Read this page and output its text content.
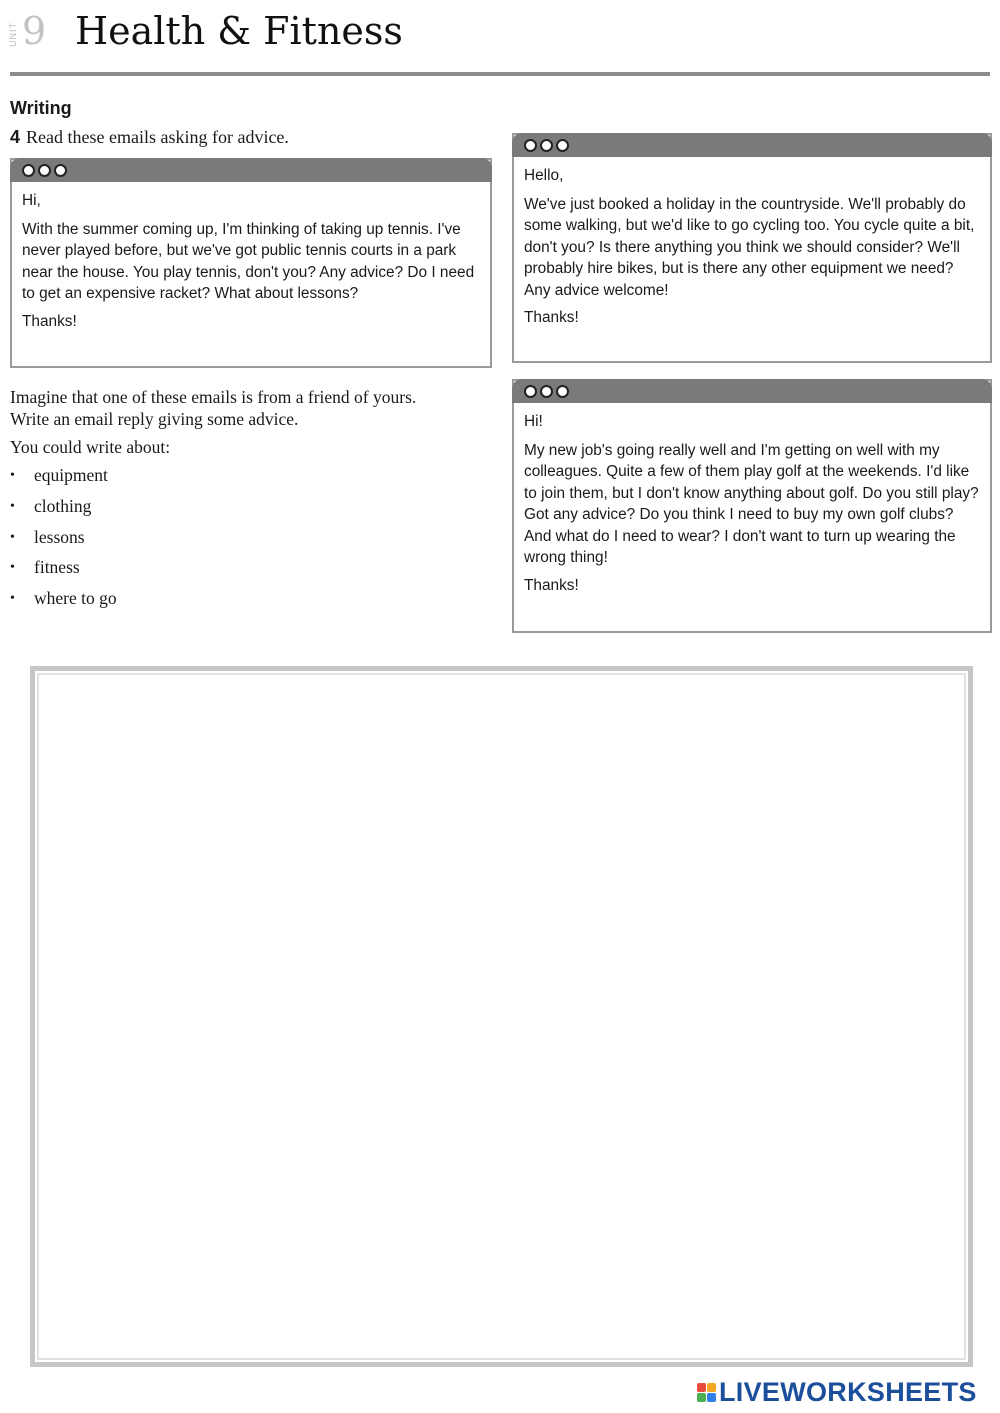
UNIT 9 Health & Fitness
Writing
4 Read these emails asking for advice.

Hi,

With the summer coming up, I'm thinking of taking up tennis. I've never played before, but we've got public tennis courts in a park near the house. You play tennis, don't you? Any advice? Do I need to get an expensive racket? What about lessons?

Thanks!

Hello,

We've just booked a holiday in the countryside. We'll probably do some walking, but we'd like to go cycling too. You cycle quite a bit, don't you? Is there anything you think we should consider? We'll probably hire bikes, but is there any other equipment we need? Any advice welcome!

Thanks!

Hi!

My new job's going really well and I'm getting on well with my colleagues. Quite a few of them play golf at the weekends. I'd like to join them, but I don't know anything about golf. Do you still play? Got any advice? Do you think I need to buy my own golf clubs? And what do I need to wear? I don't want to turn up wearing the wrong thing!

Thanks!

Imagine that one of these emails is from a friend of yours.

Write an email reply giving some advice.

You could write about:
•	equipment
•	clothing
•	lessons
•	fitness
•	where to go
LIVEWORKSHEETS
